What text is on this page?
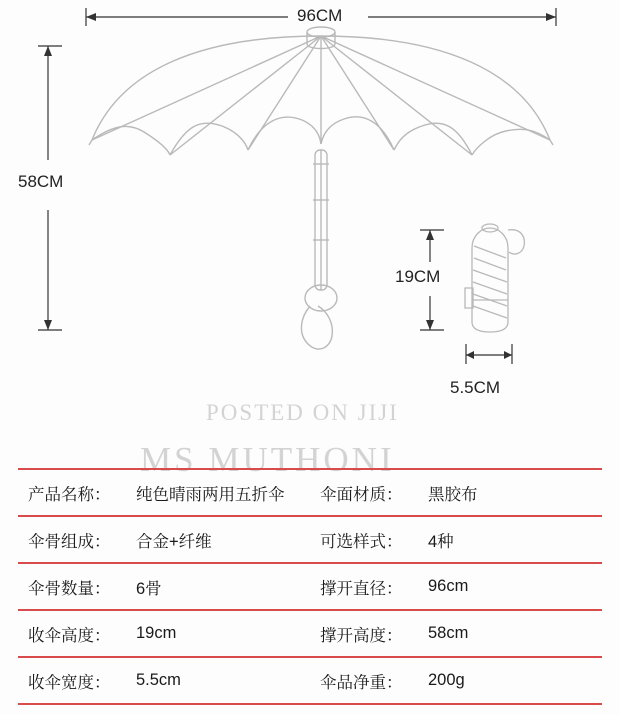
96CM
58CM
19CM
5.5CM
POSTED ON JIJI
MS MUTHONI
产品名称：	纯色晴雨两用五折伞	伞面材质：	黑胶布
伞骨组成：	合金+纤维	可选样式：	4种
伞骨数量：	6骨	撑开直径：	96cm
收伞高度：	19cm	撑开高度：	58cm
收伞宽度：	5.5cm	伞品净重：	200g
